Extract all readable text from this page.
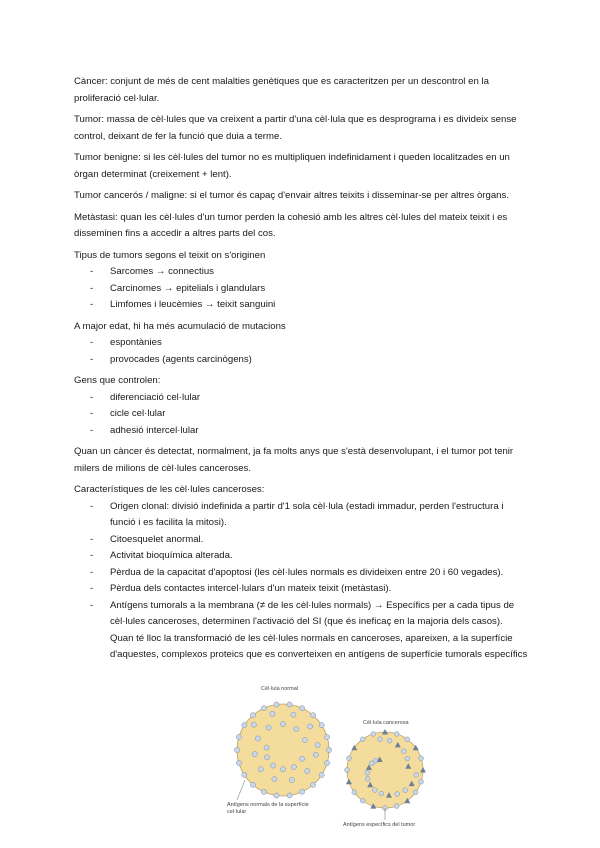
Càncer: conjunt de més de cent malalties genètiques que es caracteritzen per un descontrol en la proliferació cel·lular.

Tumor: massa de cèl·lules que va creixent a partir d'una cèl·lula que es desprograma i es divideix sense control, deixant de fer la funció que duia a terme.

Tumor benigne: si les cèl·lules del tumor no es multipliquen indefinidament i queden localitzades en un òrgan determinat (creixement + lent).

Tumor cancerós / maligne: si el tumor és capaç d'envair altres teixits i disseminar-se per altres òrgans.

Metàstasi: quan les cèl·lules d'un tumor perden la cohesió amb les altres cèl·lules del mateix teixit i es disseminen fins a accedir a altres parts del cos.

Tipus de tumors segons el teixit on s'originen
- Sarcomes → connectius
- Carcinomes → epitelials i glandulars
- Limfomes i leucèmies → teixit sanguini
A major edat, hi ha més acumulació de mutacions
- espontànies
- provocades (agents carcinògens)
Gens que controlen:
- diferenciació cel·lular
- cicle cel·lular
- adhesió intercel·lular

Quan un càncer és detectat, normalment, ja fa molts anys que s'està desenvolupant, i el tumor pot tenir milers de milions de cèl·lules canceroses.

Característiques de les cèl·lules canceroses:
- Origen clonal: divisió indefinida a partir d'1 sola cèl·lula (estadi immadur, perden l'estructura i funció i es facilita la mitosi).
- Citoesquelet anormal.
- Activitat bioquímica alterada.
- Pèrdua de la capacitat d'apoptosi (les cèl·lules normals es divideixen entre 20 i 60 vegades).
- Pèrdua dels contactes intercel·lulars d'un mateix teixit (metàstasi).
- Antígens tumorals a la membrana (≠ de les cèl·lules normals) → Específics per a cada tipus de cèl·lules canceroses, determinen l'activació del SI (que és ineficaç en la majoria dels casos).
Quan té lloc la transformació de les cèl·lules normals en canceroses, apareixen, a la superfície d'aquestes, complexos proteics que es converteixen en antígens de superfície tumorals específics
Cèl·lula normal
Cèl·lula cancerosa
Antígens normals de la superfície cel·lular
Antígens específics del tumor
